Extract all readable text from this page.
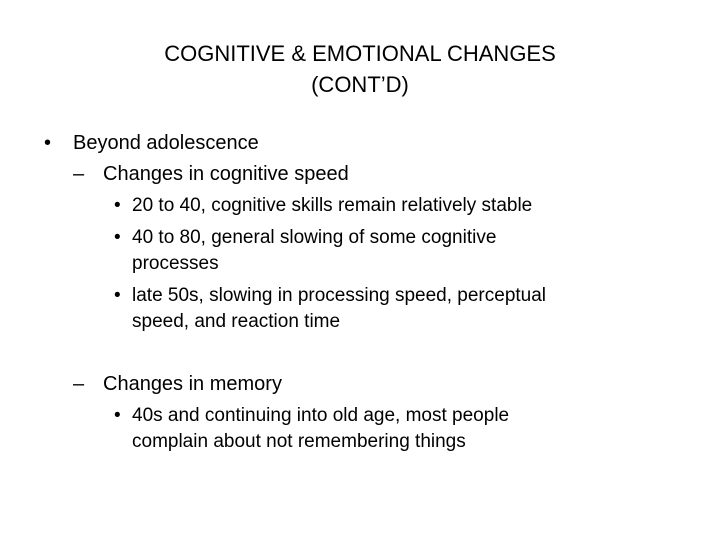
COGNITIVE & EMOTIONAL CHANGES
(CONT’D)
• Beyond adolescence
– Changes in cognitive speed
• 20 to 40, cognitive skills remain relatively stable
• 40 to 80, general slowing of some cognitive
processes
• late 50s, slowing in processing speed, perceptual
speed, and reaction time
– Changes in memory
• 40s and continuing into old age, most people
complain about not remembering things
